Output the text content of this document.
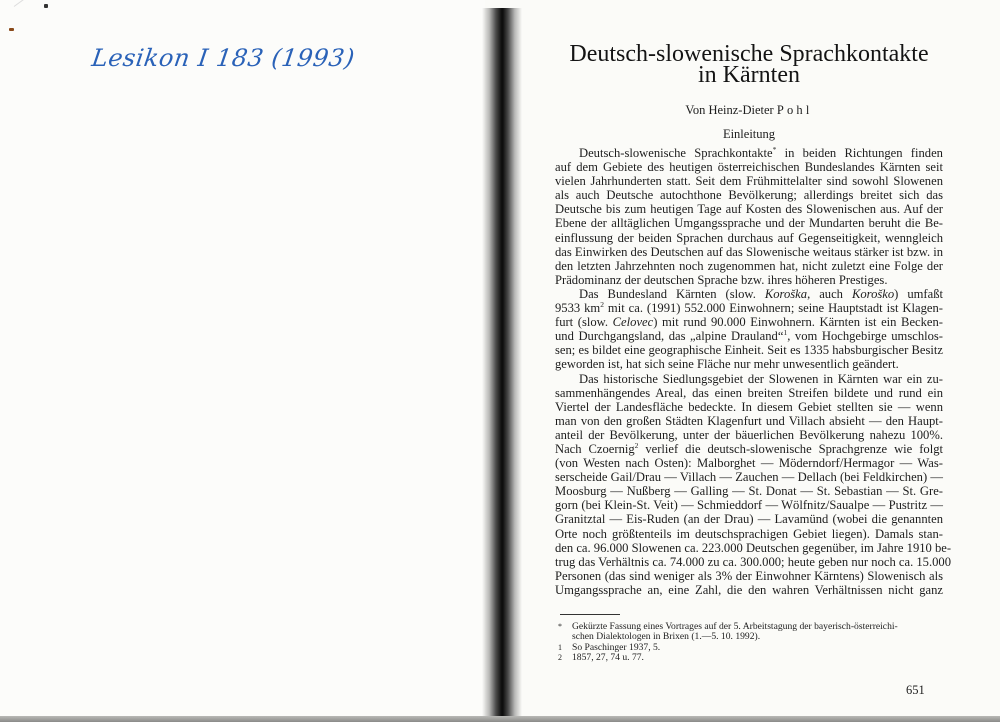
Lesikon I 183 (1993)	Deutsch-slowenische Sprachkontakte
in Kärnten
Von Heinz-Dieter Pohl
Einleitung
Deutsch-slowenische Sprachkontakte* in beiden Richtungen finden
auf dem Gebiete des heutigen österreichischen Bundeslandes Kärnten seit
vielen Jahrhunderten statt. Seit dem Frühmittelalter sind sowohl Slowenen
als auch Deutsche autochthone Bevölkerung; allerdings breitet sich das
Deutsche bis zum heutigen Tage auf Kosten des Slowenischen aus. Auf der
Ebene der alltäglichen Umgangssprache und der Mundarten beruht die Be-
einflussung der beiden Sprachen durchaus auf Gegenseitigkeit, wenngleich
das Einwirken des Deutschen auf das Slowenische weitaus stärker ist bzw. in
den letzten Jahrzehnten noch zugenommen hat, nicht zuletzt eine Folge der
Prädominanz der deutschen Sprache bzw. ihres höheren Prestiges.
Das Bundesland Kärnten (slow. Koroška, auch Koroško) umfaßt
9533 $km^2$ mit ca. (1991) 552.000 Einwohnern; seine Hauptstadt ist Klagen-
furt (slow. Celovec) mit rund 90.000 Einwohnern. Kärnten ist ein Becken-
und Durchgangsland, das „alpine Drauland“$^1$, vom Hochgebirge umschlos-
sen; es bildet eine geographische Einheit. Seit es 1335 habsburgischer Besitz
geworden ist, hat sich seine Fläche nur mehr unwesentlich geändert.
Das historische Siedlungsgebiet der Slowenen in Kärnten war ein zu-
sammenhängendes Areal, das einen breiten Streifen bildete und rund ein
Viertel der Landesfläche bedeckte. In diesem Gebiet stellten sie — wenn
man von den großen Städten Klagenfurt und Villach absieht — den Haupt-
anteil der Bevölkerung, unter der bäuerlichen Bevölkerung nahezu 100%.
Nach Czoernig$^2$ verlief die deutsch-slowenische Sprachgrenze wie folgt
(von Westen nach Osten): Malborghet — Möderndorf/Hermagor — Was-
serscheide Gail/Drau — Villach — Zauchen — Dellach (bei Feldkirchen) —
Moosburg — Nußberg — Galling — St. Donat — St. Sebastian — St. Gre-
gorn (bei Klein-St. Veit) — Schmieddorf — Wölfnitz/Saualpe — Pustritz —
Granitztal — Eis-Ruden (an der Drau) — Lavamünd (wobei die genannten
Orte noch größtenteils im deutschsprachigen Gebiet liegen). Damals stan-
den ca. 96.000 Slowenen ca. 223.000 Deutschen gegenüber, im Jahre 1910 be-
trug das Verhältnis ca. 74.000 zu ca. 300.000; heute geben nur noch ca. 15.000
Personen (das sind weniger als 3% der Einwohner Kärntens) Slowenisch als
Umgangssprache an, eine Zahl, die den wahren Verhältnissen nicht ganz
* Gekürzte Fassung eines Vortrages auf der 5. Arbeitstagung der bayerisch-österreichi-
schen Dialektologen in Brixen (1.—5. 10. 1992).
1 So Paschinger 1937, 5.
2 1857, 27, 74 u. 77.
651
